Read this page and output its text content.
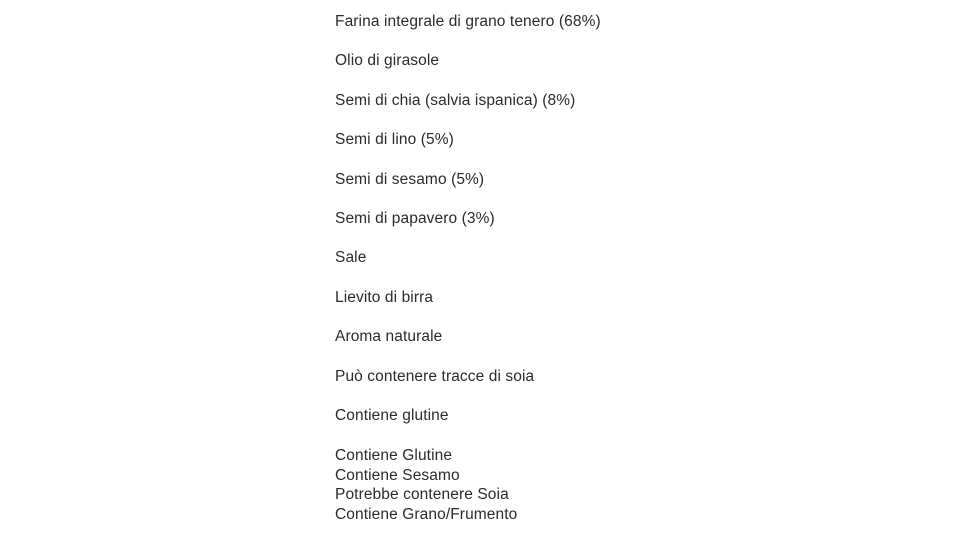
Farina integrale di grano tenero (68%)
Olio di girasole
Semi di chia (salvia ispanica) (8%)
Semi di lino (5%)
Semi di sesamo (5%)
Semi di papavero (3%)
Sale
Lievito di birra
Aroma naturale
Può contenere tracce di soia
Contiene glutine
Contiene Glutine
Contiene Sesamo
Potrebbe contenere Soia
Contiene Grano/Frumento
